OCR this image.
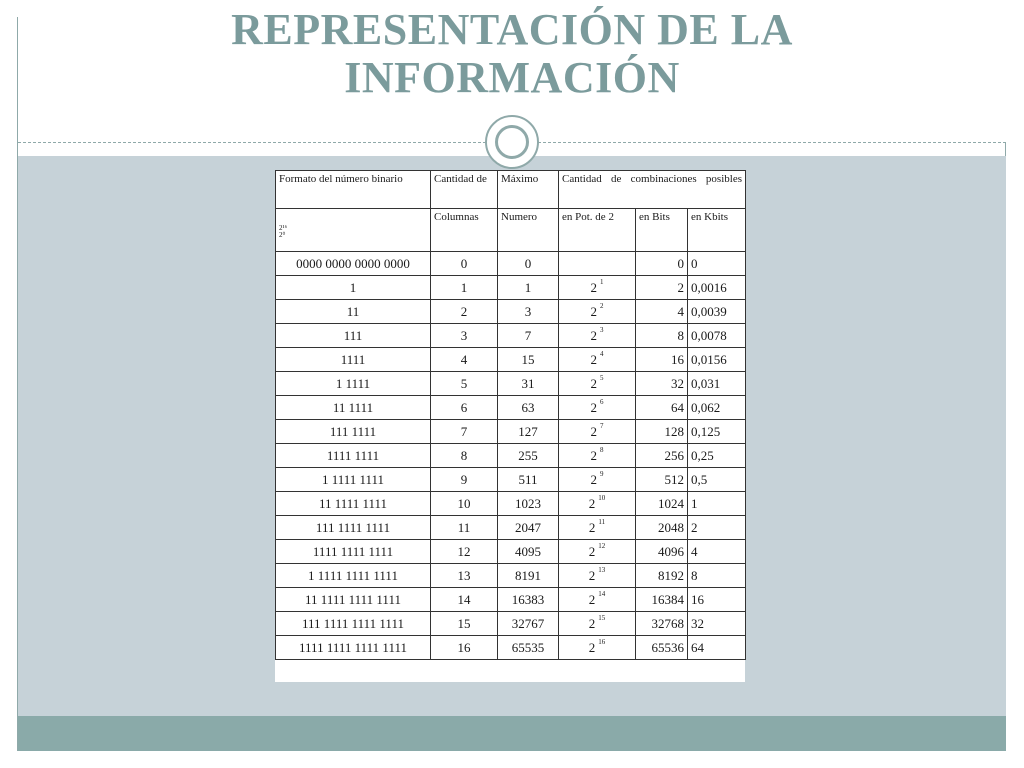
REPRESENTACIÓN DE LA
INFORMACIÓN
Formato del número binario	Cantidad de	Máximo	Cantidad de combinaciones posibles		

2¹⁶
2⁰	Columnas	Numero	en Pot. de 2	en Bits	en Kbits
0000 0000 0000 0000	0	0		0	0
1	1	1	2 $^1$	2	0,0016
11	2	3	2 $^2$	4	0,0039
111	3	7	2 $^3$	8	0,0078
1111	4	15	2 $^4$	16	0,0156
1 1111	5	31	2 $^5$	32	0,031
11 1111	6	63	2 $^6$	64	0,062
111 1111	7	127	2 $^7$	128	0,125
1111 1111	8	255	2 $^8$	256	0,25
1 1111 1111	9	511	2 $^9$	512	0,5
11 1111 1111	10	1023	2 $^{10}$	1024	1
111 1111 1111	11	2047	2 $^{11}$	2048	2
1111 1111 1111	12	4095	2 $^{12}$	4096	4
1 1111 1111 1111	13	8191	2 $^{13}$	8192	8
11 1111 1111 1111	14	16383	2 $^{14}$	16384	16
111 1111 1111 1111	15	32767	2 $^{15}$	32768	32
1111 1111 1111 1111	16	65535	2 $^{16}$	65536	64
